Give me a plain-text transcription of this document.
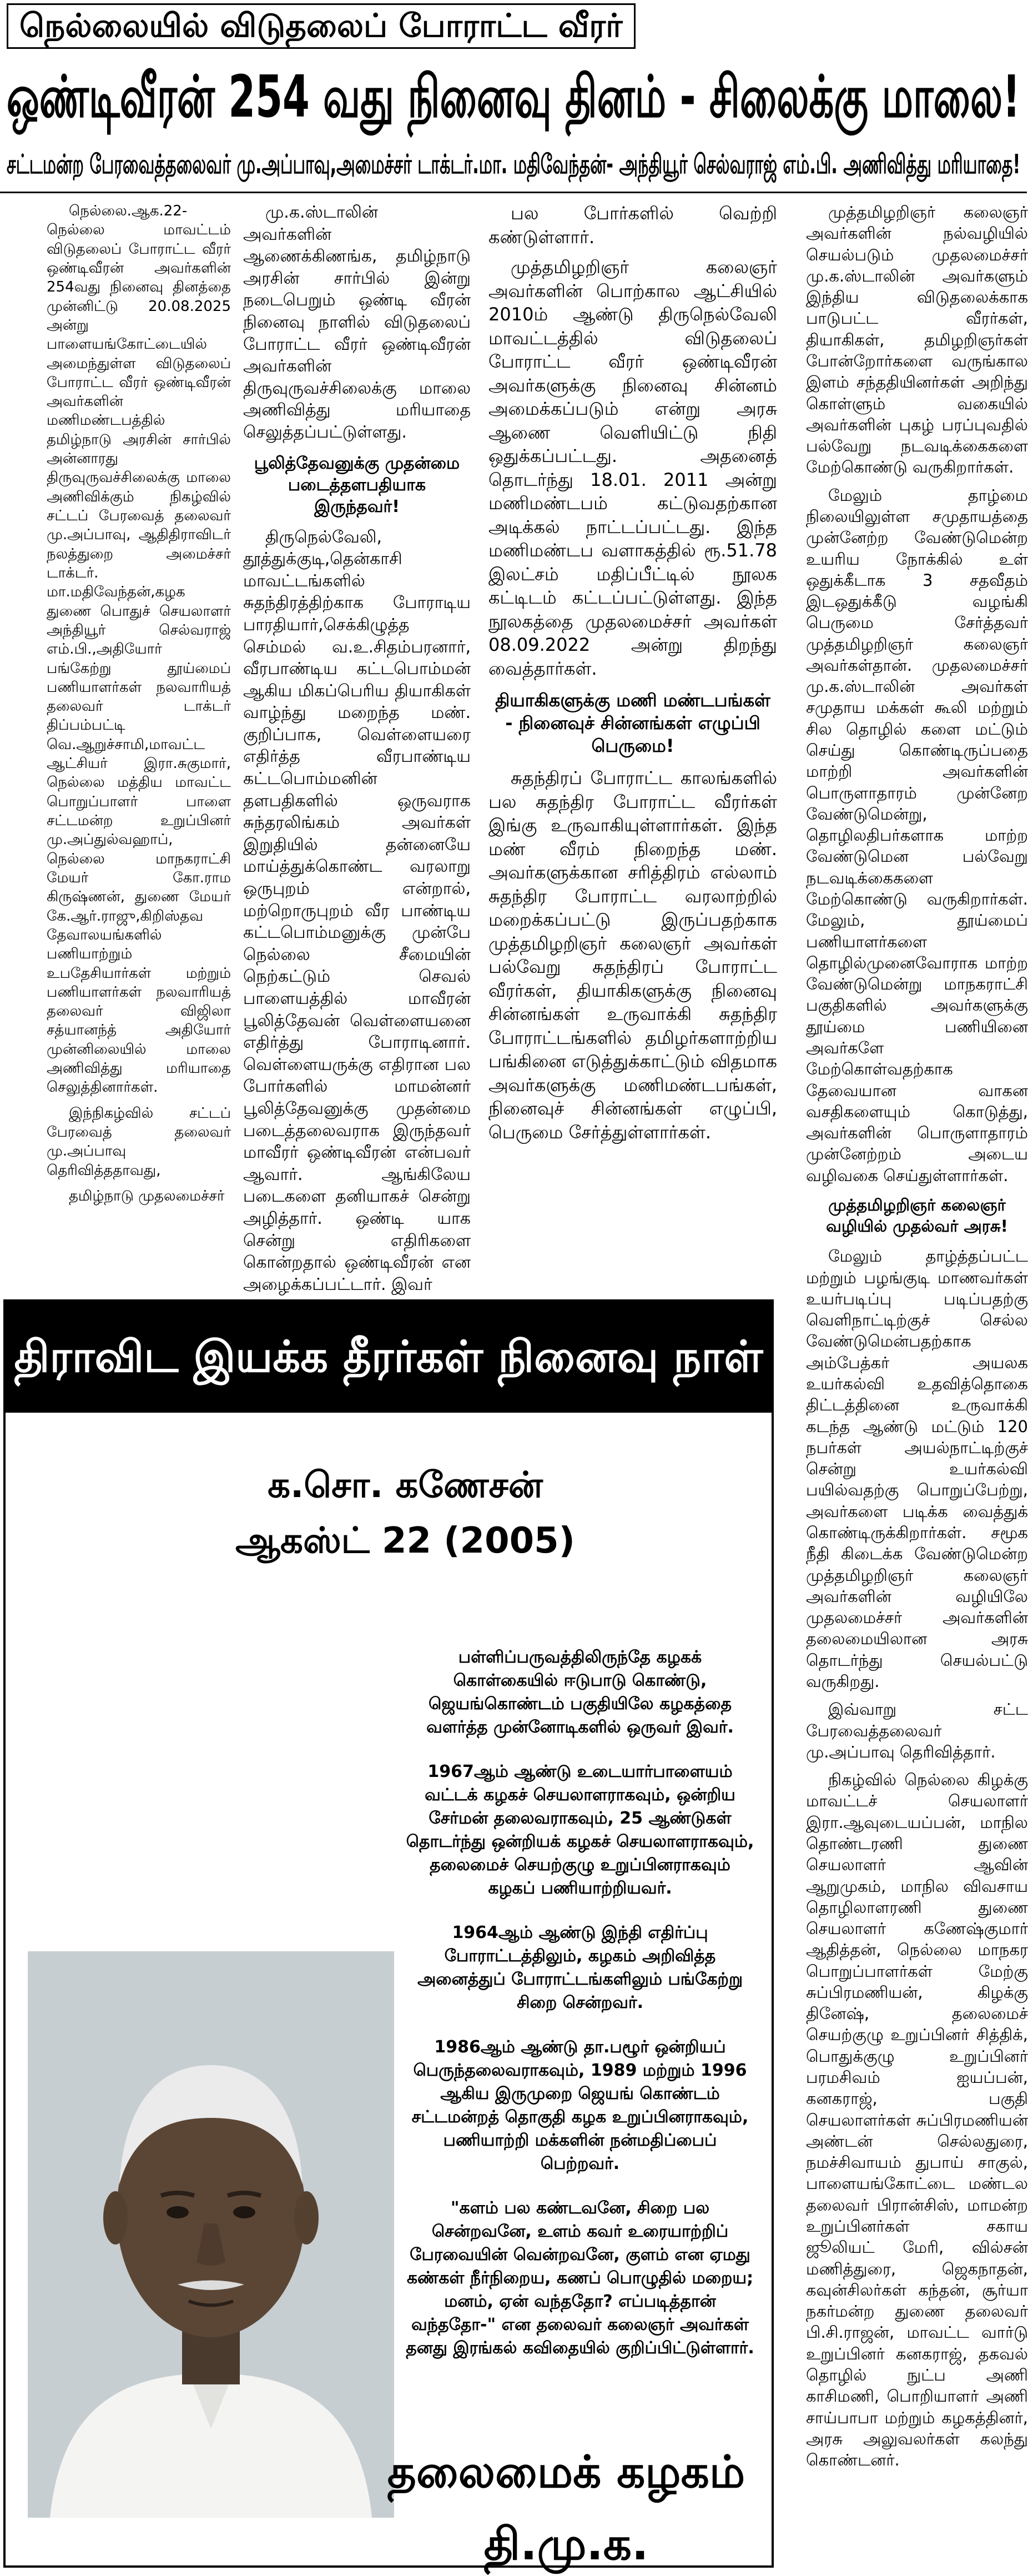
நெல்லையில் விடுதலைப் போராட்ட வீரர்
ஒண்டிவீரன் 254 வது நினைவு தினம் - சிலைக்கு மாலை!
சட்டமன்ற பேரவைத்தலைவர் மு.அப்பாவு,அமைச்சர் டாக்டர்.மா. மதிவேந்தன்- அந்தியூர் செல்வராஜ் எம்.பி. அணிவித்து மரியாதை!

நெல்லை.ஆக.22- நெல்லை மாவட்டம் விடுதலைப் போராட்ட வீரர் ஒண்டிவீரன் அவர்களின் 254வது நினைவு தினத்தை முன்னிட்டு 20.08.2025 அன்று பாளையங்கோட்டையில் அமைந்துள்ள விடுதலைப் போராட்ட வீரர் ஒண்டிவீரன் அவர்களின் மணிமண்டபத்தில் தமிழ்நாடு அரசின் சார்பில் அன்னாரது திருவுருவச்சிலைக்கு மாலை அணிவிக்கும் நிகழ்வில் சட்டப் பேரவைத் தலைவர் மு.அப்பாவு, ஆதிதிராவிடர் நலத்துறை அமைச்சர் டாக்டர். மா.மதிவேந்தன்,கழக துணை பொதுச் செயலாளர் அந்தியூர் செல்வராஜ் எம்.பி.,அதியோர் பங்கேற்று தூய்மைப் பணியாளர்கள் நலவாரியத் தலைவர் டாக்டர் திப்பம்பட்டி வெ.ஆறுச்சாமி,மாவட்ட ஆட்சியர் இரா.சுகுமார், நெல்லை மத்திய மாவட்ட பொறுப்பாளர் பாளை சட்டமன்ற உறுப்பினர் மு.அப்துல்வஹாப், நெல்லை மாநகராட்சி மேயர் கோ.ராம கிருஷ்ணன், துணை மேயர் கே.ஆர்.ராஜு,கிறிஸ்தவ தேவாலயங்களில் பணியாற்றும் உபதேசியார்கள் மற்றும் பணியாளர்கள் நலவாரியத் தலைவர் விஜிலா சத்யானந்த் அதியோர் முன்னிலையில் மாலை அணிவித்து மரியாதை செலுத்தினார்கள்.

இந்நிகழ்வில் சட்டப் பேரவைத் தலைவர் மு.அப்பாவு தெரிவித்ததாவது,

தமிழ்நாடு முதலமைச்சர்

மு.க.ஸ்டாலின் அவர்களின் ஆணைக்கிணங்க, தமிழ்நாடு அரசின் சார்பில் இன்று நடைபெறும் ஒண்டி வீரன் நினைவு நாளில் விடுதலைப் போராட்ட வீரர் ஒண்டிவீரன் அவர்களின் திருவுருவச்சிலைக்கு மாலை அணிவித்து மரியாதை செலுத்தப்பட்டுள்ளது.

பூலித்தேவனுக்கு முதன்மை படைத்தளபதியாக இருந்தவர்!

திருநெல்வேலி, தூத்துக்குடி,தென்காசி மாவட்டங்களில் சுதந்திரத்திற்காக போராடிய பாரதியார்,செக்கிழுத்த செம்மல் வ.உ.சிதம்பரனார், வீரபாண்டிய கட்டபொம்மன் ஆகிய மிகப்பெரிய தியாகிகள் வாழ்ந்து மறைந்த மண். குறிப்பாக, வெள்ளையரை எதிர்த்த வீரபாண்டிய கட்டபொம்மனின் தளபதிகளில் ஒருவராக சுந்தரலிங்கம் அவர்கள் இறுதியில் தன்னையே மாய்த்துக்கொண்ட வரலாறு ஒருபுறம் என்றால், மற்றொருபுறம் வீர பாண்டிய கட்டபொம்மனுக்கு முன்பே நெல்லை சீமையின் நெற்கட்டும் செவல் பாளையத்தில் மாவீரன் பூலித்தேவன் வெள்ளையனை எதிர்த்து போராடினார். வெள்ளையருக்கு எதிரான பல போர்களில் மாமன்னர் பூலித்தேவனுக்கு முதன்மை படைத்தலைவராக இருந்தவர் மாவீரர் ஒண்டிவீரன் என்பவர் ஆவார். ஆங்கிலேய படைகளை தனியாகச் சென்று அழித்தார். ஒண்டி யாக சென்று எதிரிகளை கொன்றதால் ஒண்டிவீரன் என அழைக்கப்பட்டார். இவர்

பல போர்களில் வெற்றி கண்டுள்ளார்.

முத்தமிழறிஞர் கலைஞர் அவர்களின் பொற்கால ஆட்சியில் 2010ம் ஆண்டு திருநெல்வேலி மாவட்டத்தில் விடுதலைப் போராட்ட வீரர் ஒண்டிவீரன் அவர்களுக்கு நினைவு சின்னம் அமைக்கப்படும் என்று அரசு ஆணை வெளியிட்டு நிதி ஒதுக்கப்பட்டது. அதனைத் தொடர்ந்து 18.01. 2011 அன்று மணிமண்டபம் கட்டுவதற்கான அடிக்கல் நாட்டப்பட்டது. இந்த மணிமண்டப வளாகத்தில் ரூ.51.78 இலட்சம் மதிப்பீட்டில் நூலக கட்டிடம் கட்டப்பட்டுள்ளது. இந்த நூலகத்தை முதலமைச்சர் அவர்கள் 08.09.2022 அன்று திறந்து வைத்தார்கள்.

தியாகிகளுக்கு மணி மண்டபங்கள் - நினைவுச் சின்னங்கள் எழுப்பி பெருமை!

சுதந்திரப் போராட்ட காலங்களில் பல சுதந்திர போராட்ட வீரர்கள் இங்கு உருவாகியுள்ளார்கள். இந்த மண் வீரம் நிறைந்த மண். அவர்களுக்கான சரித்திரம் எல்லாம் சுதந்திர போராட்ட வரலாற்றில் மறைக்கப்பட்டு இருப்பதற்காக முத்தமிழறிஞர் கலைஞர் அவர்கள் பல்வேறு சுதந்திரப் போராட்ட வீரர்கள், தியாகிகளுக்கு நினைவு சின்னங்கள் உருவாக்கி சுதந்திர போராட்டங்களில் தமிழர்களாற்றிய பங்கினை எடுத்துக்காட்டும் விதமாக அவர்களுக்கு மணிமண்டபங்கள், நினைவுச் சின்னங்கள் எழுப்பி, பெருமை சேர்த்துள்ளார்கள்.

முத்தமிழறிஞர் கலைஞர் அவர்களின் நல்வழியில் செயல்படும் முதலமைச்சர் மு.க.ஸ்டாலின் அவர்களும் இந்திய விடுதலைக்காக பாடுபட்ட வீரர்கள், தியாகிகள், தமிழறிஞர்கள் போன்றோர்களை வருங்கால இளம் சந்ததியினர்கள் அறிந்து கொள்ளும் வகையில் அவர்களின் புகழ் பரப்புவதில் பல்வேறு நடவடிக்கைகளை மேற்கொண்டு வருகிறார்கள்.

மேலும் தாழ்மை நிலையிலுள்ள சமுதாயத்தை முன்னேற்ற வேண்டுமென்ற உயரிய நோக்கில் உள் ஒதுக்கீடாக 3 சதவீதம் இடஒதுக்கீடு வழங்கி பெருமை சேர்த்தவர் முத்தமிழறிஞர் கலைஞர் அவர்கள்தான். முதலமைச்சர் மு.க.ஸ்டாலின் அவர்கள் சமுதாய மக்கள் கூலி மற்றும் சில தொழில் களை மட்டும் செய்து கொண்டிருப்பதை மாற்றி அவர்களின் பொருளாதாரம் முன்னேற வேண்டுமென்று, தொழிலதிபர்களாக மாற்ற வேண்டுமென பல்வேறு நடவடிக்கைகளை மேற்கொண்டு வருகிறார்கள். மேலும், தூய்மைப் பணியாளர்களை தொழில்முனைவோராக மாற்ற வேண்டுமென்று மாநகராட்சி பகுதிகளில் அவர்களுக்கு தூய்மை பணியினை அவர்களே மேற்கொள்வதற்காக தேவையான வாகன வசதிகளையும் கொடுத்து, அவர்களின் பொருளாதாரம் முன்னேற்றம் அடைய வழிவகை செய்துள்ளார்கள்.

முத்தமிழறிஞர் கலைஞர் வழியில் முதல்வர் அரசு!

மேலும் தாழ்த்தப்பட்ட மற்றும் பழங்குடி மாணவர்கள் உயர்படிப்பு படிப்பதற்கு வெளிநாட்டிற்குச் செல்ல வேண்டுமென்பதற்காக அம்பேத்கர் அயலக உயர்கல்வி உதவித்தொகை திட்டத்தினை உருவாக்கி கடந்த ஆண்டு மட்டும் 120 நபர்கள் அயல்நாட்டிற்குச் சென்று உயர்கல்வி பயில்வதற்கு பொறுப்பேற்று, அவர்களை படிக்க வைத்துக் கொண்டிருக்கிறார்கள். சமூக நீதி கிடைக்க வேண்டுமென்ற முத்தமிழறிஞர் கலைஞர் அவர்களின் வழியிலே முதலமைச்சர் அவர்களின் தலைமையிலான அரசு தொடர்ந்து செயல்பட்டு வருகிறது.

இவ்வாறு சட்ட பேரவைத்தலைவர் மு.அப்பாவு தெரிவித்தார்.

நிகழ்வில் நெல்லை கிழக்கு மாவட்டச் செயலாளர் இரா.ஆவுடையப்பன், மாநில தொண்டரணி துணை செயலாளர் ஆவின் ஆறுமுகம், மாநில விவசாய தொழிலாளரணி துணை செயலாளர் கணேஷ்குமார் ஆதித்தன், நெல்லை மாநகர பொறுப்பாளர்கள் மேற்கு சுப்பிரமணியன், கிழக்கு தினேஷ், தலைமைச் செயற்குழு உறுப்பினர் சித்திக், பொதுக்குழு உறுப்பினர் பரமசிவம் ஐயப்பன், கனகராஜ், பகுதி செயலாளர்கள் சுப்பிரமணியன் அண்டன் செல்லதுரை, நமச்சிவாயம் துபாய் சாகுல், பாளையங்கோட்டை மண்டல தலைவர் பிரான்சிஸ், மாமன்ற உறுப்பினர்கள் சகாய ஜூலியட் மேரி, வில்சன் மணித்துரை, ஜெகநாதன், கவுன்சிலர்கள் கந்தன், சூர்யா நகர்மன்ற துணை தலைவர் பி.சி.ராஜன், மாவட்ட வார்டு உறுப்பினர் கனகராஜ், தகவல் தொழில் நுட்ப அணி காசிமணி, பொறியாளர் அணி சாய்பாபா மற்றும் கழகத்தினர், அரசு அலுவலர்கள் கலந்து கொண்டனர்.

திராவிட இயக்க தீரர்கள் நினைவு நாள்
க.சொ. கணேசன்
ஆகஸ்ட் 22 (2005)

பள்ளிப்பருவத்திலிருந்தே கழகக் கொள்கையில் ஈடுபாடு கொண்டு, ஜெயங்கொண்டம் பகுதியிலே கழகத்தை வளர்த்த முன்னோடிகளில் ஒருவர் இவர்.

1967ஆம் ஆண்டு உடையார்பாளையம் வட்டக் கழகச் செயலாளராகவும், ஒன்றிய சேர்மன் தலைவராகவும், 25 ஆண்டுகள் தொடர்ந்து ஒன்றியக் கழகச் செயலாளராகவும், தலைமைச் செயற்குழு உறுப்பினராகவும் கழகப் பணியாற்றியவர்.

1964ஆம் ஆண்டு இந்தி எதிர்ப்பு போராட்டத்திலும், கழகம் அறிவித்த அனைத்துப் போராட்டங்களிலும் பங்கேற்று சிறை சென்றவர்.

1986ஆம் ஆண்டு தா.பழூர் ஒன்றியப் பெருந்தலைவராகவும், 1989 மற்றும் 1996 ஆகிய இருமுறை ஜெயங் கொண்டம் சட்டமன்றத் தொகுதி கழக உறுப்பினராகவும், பணியாற்றி மக்களின் நன்மதிப்பைப் பெற்றவர்.

"களம் பல கண்டவனே, சிறை பல சென்றவனே, உளம் கவர் உரையாற்றிப் பேரவையின் வென்றவனே, குளம் என ஏமது கண்கள் நீர்நிறைய, கணப் பொழுதில் மறைய; மனம், ஏன் வந்ததோ? எப்படித்தான் வந்ததோ-" என தலைவர் கலைஞர் அவர்கள் தனது இரங்கல் கவிதையில் குறிப்பிட்டுள்ளார்.

தலைமைக் கழகம்
தி.மு.க.
